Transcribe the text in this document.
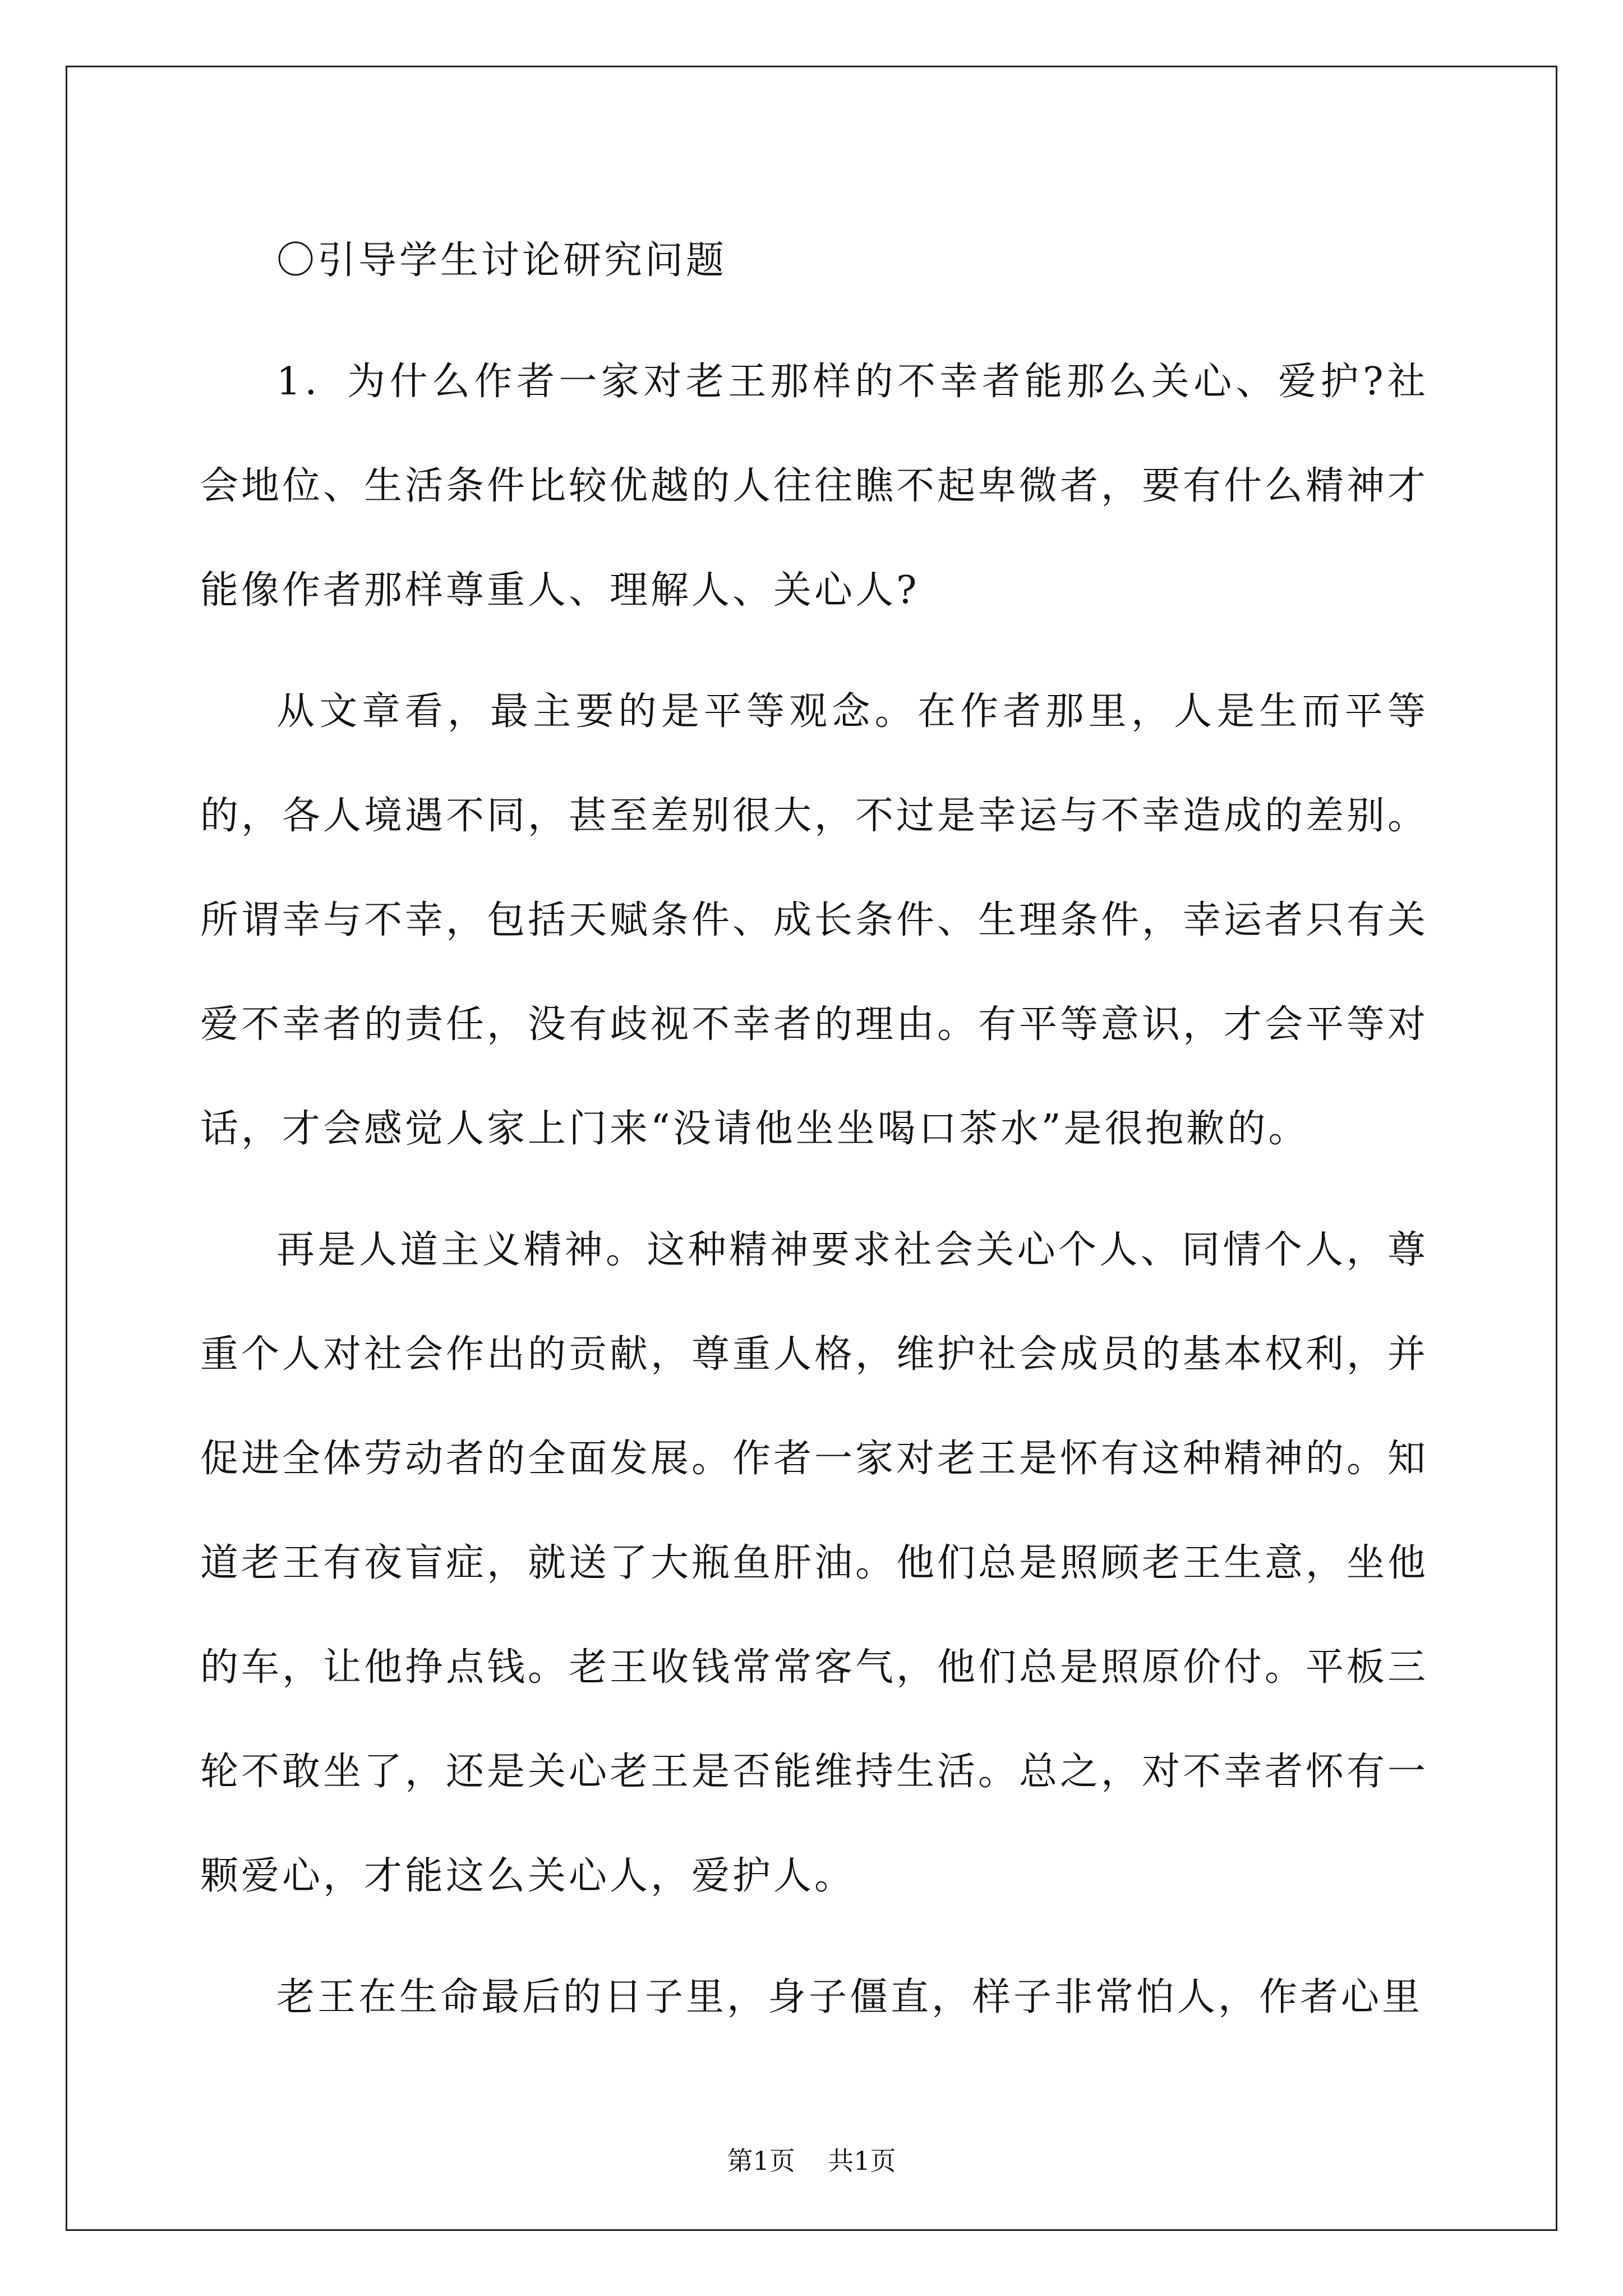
〇引导学生讨论研究问题

1．为什么作者一家对老王那样的不幸者能那么关心、爱护?社会地位、生活条件比较优越的人往往瞧不起卑微者，要有什么精神才能像作者那样尊重人、理解人、关心人?

从文章看，最主要的是平等观念。在作者那里，人是生而平等的，各人境遇不同，甚至差别很大，不过是幸运与不幸造成的差别。所谓幸与不幸，包括天赋条件、成长条件、生理条件，幸运者只有关爱不幸者的责任，没有歧视不幸者的理由。有平等意识，才会平等对话，才会感觉人家上门来“没请他坐坐喝口茶水”是很抱歉的。

再是人道主义精神。这种精神要求社会关心个人、同情个人，尊重个人对社会作出的贡献，尊重人格，维护社会成员的基本权利，并促进全体劳动者的全面发展。作者一家对老王是怀有这种精神的。知道老王有夜盲症，就送了大瓶鱼肝油。他们总是照顾老王生意，坐他的车，让他挣点钱。老王收钱常常客气，他们总是照原价付。平板三轮不敢坐了，还是关心老王是否能维持生活。总之，对不幸者怀有一颗爱心，才能这么关心人，爱护人。

老王在生命最后的日子里，身子僵直，样子非常怕人，作者心里

第1页 共1页
